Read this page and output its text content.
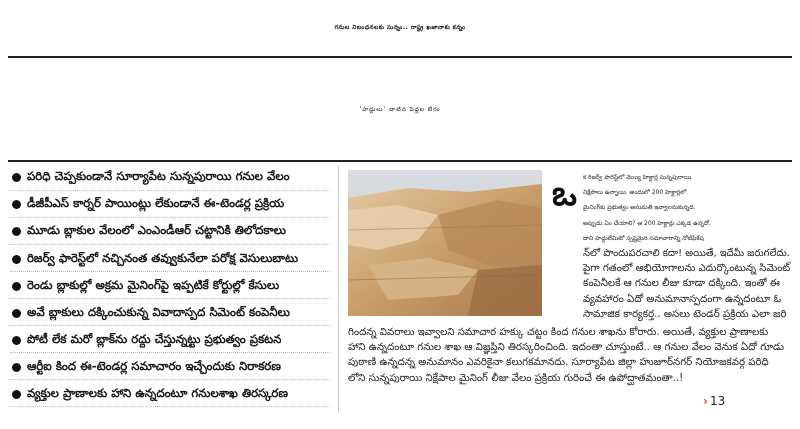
గనుల నిబంధనలకు సున్నం.. రాష్ట్ర ఖజానాకు కన్నం
‘హద్దులు’ దాటిన పెద్దల బేరం
పరిధి చెప్పకుండానే సూర్యాపేట సున్నపురాయి గనుల వేలం
డీజీపీఎస్ కార్నర్ పాయింట్లు లేకుండానే ఈ-టెండర్ల ప్రక్రియ
మూడు బ్లాకుల వేలంలో ఎంఎండీఆర్ చట్టానికి తిలోదకాలు
రిజర్వ్ ఫారెస్ట్‌లో నచ్చినంత తవ్వుకునేలా పరోక్ష వెసులుబాటు
రెండు బ్లాకుల్లో అక్రమ మైనింగ్‌పై ఇప్పటికే కోర్టుల్లో కేసులు
అవే బ్లాకులు దక్కించుకున్న వివాదాస్పద సిమెంట్ కంపెనీలు
పోటీ లేక మరో బ్లాక్‌ను రద్దు చేస్తున్నట్టు ప్రభుత్వం ప్రకటన
ఆర్టీఐ కింద ఈ-టెండర్ల సమాచారం ఇచ్చేందుకు నిరాకరణ
వ్యక్తుల ప్రాణాలకు హాని ఉన్నదంటూ గనులశాఖ తిరస్కరణ
ఒ క రిజర్వ్ ఫారెస్ట్‌లో వెయ్యి హెక్టార్ల సున్నపురాయి

నిక్షేపాలు ఉన్నాయి. అందులో 200 హెక్టార్లలో

మైనింగ్‌కు ప్రభుత్వం అనుమతి ఇవ్వాలనుకున్నది.

అప్పుడు ఏం చేయాలి? ఆ 200 హెక్టార్లు ఎక్కడ ఉన్నదో,

దాని హద్దులేమిటో స్పష్టమైన సమాచారాన్ని నోటిఫికేష

న్‌లో పొందుపరచాలి కదా! అయితే, ఇదేమీ జరుగలేదు.

పైగా గతంలో అభియోగాలను ఎదుర్కొంటున్న సిమెంట్

కంపెనీలకే ఆ గనుల లీజు కూడా దక్కింది. ఇంతో ఈ

వ్యవహారం ఏదో అనుమానాస్పదంగా ఉన్నదంటూ ఓ

సామాజిక కార్యకర్త.. అసలు టెండర్ ప్రక్రియ ఎలా జరి

గిందన్న వివరాలు ఇవ్వాలని సమాచార హక్కు చట్టం కింద గనుల శాఖను కోరారు. అయితే, వ్యక్తుల ప్రాణాలకు

హాని ఉన్నదంటూ గనుల శాఖ ఆ విజ్ఞప్తిని తిరస్కరించింది. ఇదంతా చూస్తుంటే.. ఆ గనుల వేలం వెనుక ఏదో గూడు

పుఠాణి ఉన్నదన్న అనుమానం ఎవరికైనా కలుగకమానదు. సూర్యాపేట జిల్లా హుజూర్‌నగర్ నియోజకవర్గ పరిధి

లోని సున్నపురాయి నిక్షేపాల మైనింగ్ లీజు వేలం ప్రక్రియ గురించే ఈ ఉపోద్ఘాతమంతా..!

› 13
